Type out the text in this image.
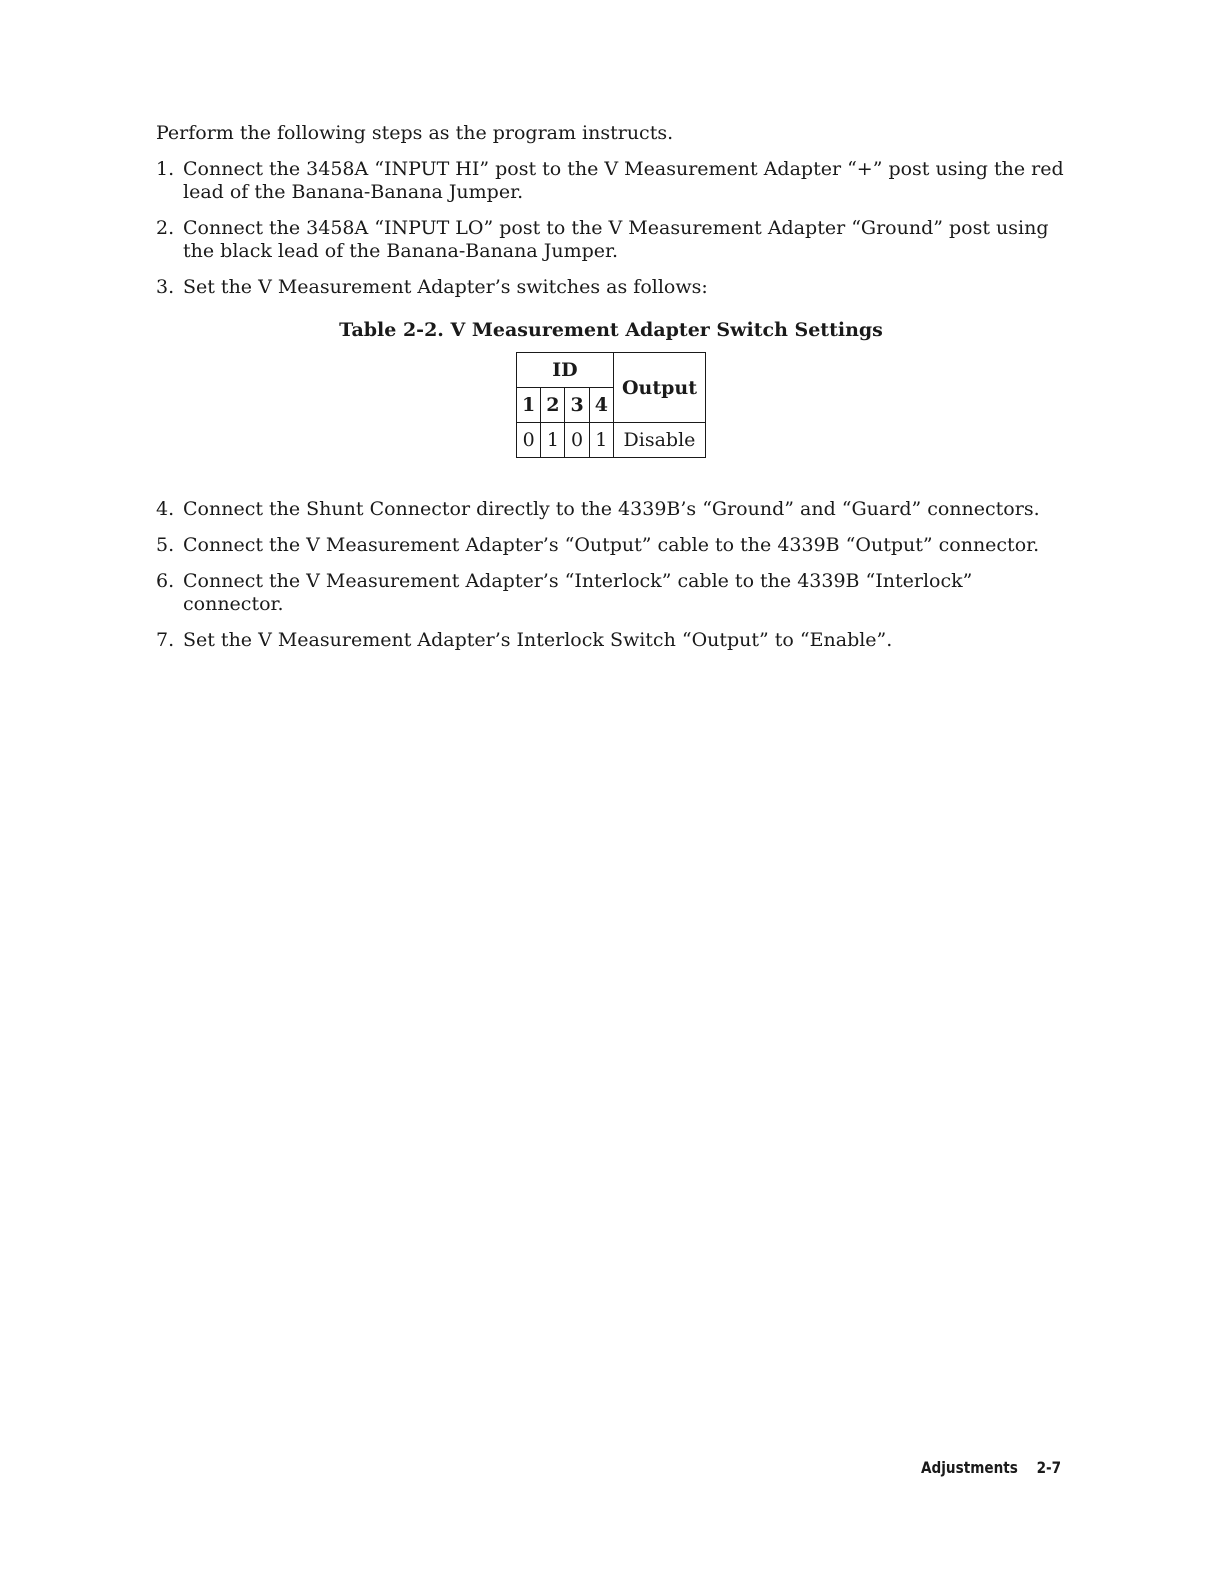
Perform the following steps as the program instructs.

1. Connect the 3458A “INPUT HI” post to the V Measurement Adapter “+” post using the red lead of the Banana-Banana Jumper.
2. Connect the 3458A “INPUT LO” post to the V Measurement Adapter “Ground” post using the black lead of the Banana-Banana Jumper.
3. Set the V Measurement Adapter’s switches as follows:
Table 2-2. V Measurement Adapter Switch Settings
ID				Output
1	2	3	4	
0	1	0	1	Disable
4. Connect the Shunt Connector directly to the 4339B’s “Ground” and “Guard” connectors.
5. Connect the V Measurement Adapter’s “Output” cable to the 4339B “Output” connector.
6. Connect the V Measurement Adapter’s “Interlock” cable to the 4339B “Interlock” connector.
7. Set the V Measurement Adapter’s Interlock Switch “Output” to “Enable”.
Adjustments 2-7
